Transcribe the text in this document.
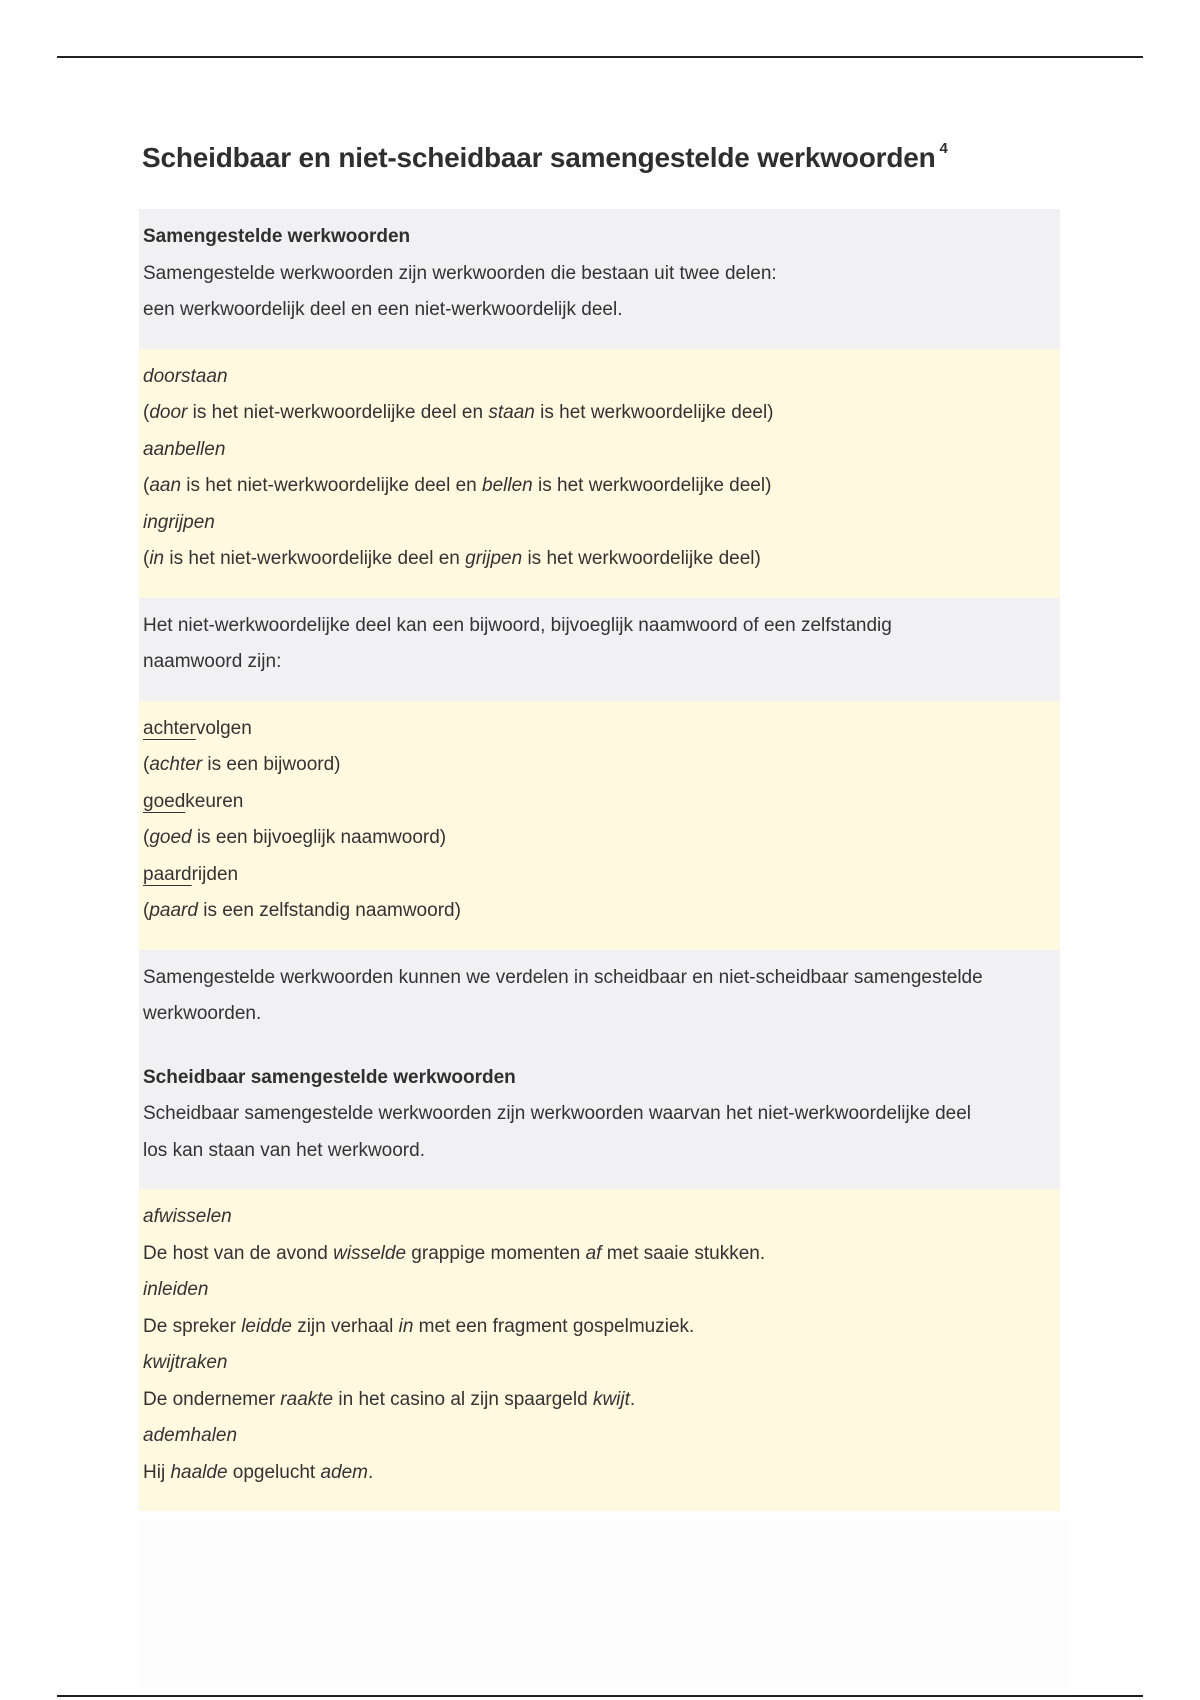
Scheidbaar en niet-scheidbaar samengestelde werkwoorden $^4$
Samengestelde werkwoorden
Samengestelde werkwoorden zijn werkwoorden die bestaan uit twee delen:
een werkwoordelijk deel en een niet-werkwoordelijk deel.
doorstaan
(door is het niet-werkwoordelijke deel en staan is het werkwoordelijke deel)
aanbellen
(aan is het niet-werkwoordelijke deel en bellen is het werkwoordelijke deel)
ingrijpen
(in is het niet-werkwoordelijke deel en grijpen is het werkwoordelijke deel)
Het niet-werkwoordelijke deel kan een bijwoord, bijvoeglijk naamwoord of een zelfstandig
naamwoord zijn:
achtervolgen
(achter is een bijwoord)
goedkeuren
(goed is een bijvoeglijk naamwoord)
paardrijden
(paard is een zelfstandig naamwoord)
Samengestelde werkwoorden kunnen we verdelen in scheidbaar en niet-scheidbaar samengestelde
werkwoorden.
Scheidbaar samengestelde werkwoorden
Scheidbaar samengestelde werkwoorden zijn werkwoorden waarvan het niet-werkwoordelijke deel
los kan staan van het werkwoord.
afwisselen
De host van de avond wisselde grappige momenten af met saaie stukken.
inleiden
De spreker leidde zijn verhaal in met een fragment gospelmuziek.
kwijtraken
De ondernemer raakte in het casino al zijn spaargeld kwijt.
ademhalen
Hij haalde opgelucht adem.
